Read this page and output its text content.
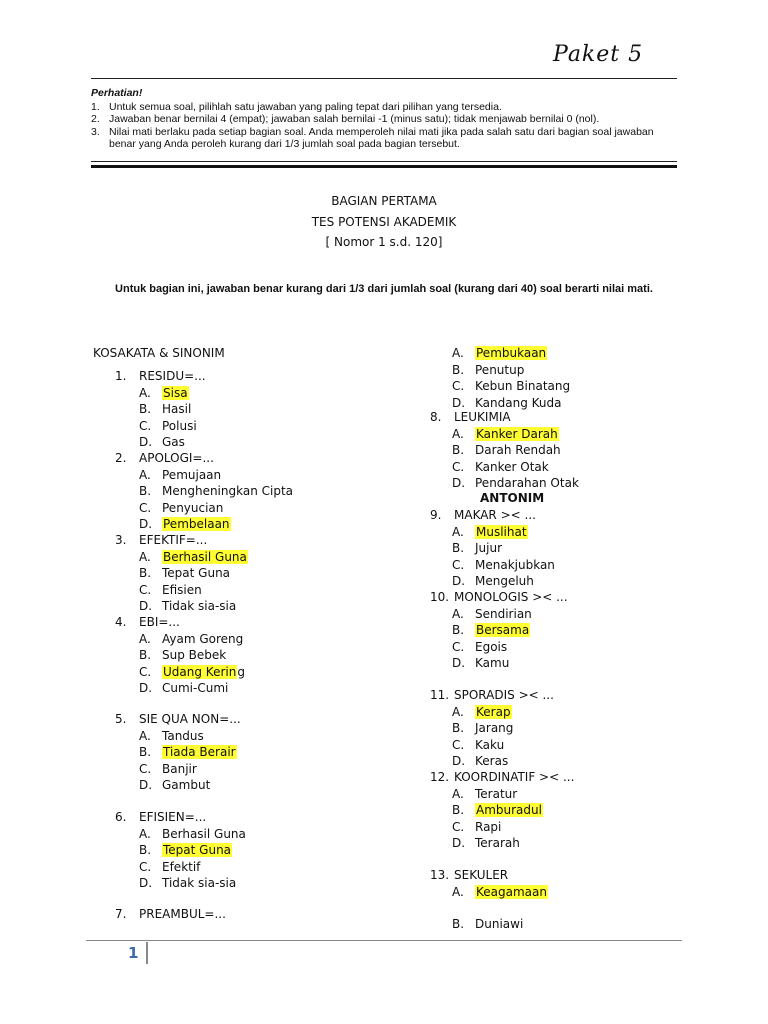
Paket 5
Perhatian!
1. Untuk semua soal, pilihlah satu jawaban yang paling tepat dari pilihan yang tersedia.
2. Jawaban benar bernilai 4 (empat); jawaban salah bernilai -1 (minus satu); tidak menjawab bernilai 0 (nol).
3. Nilai mati berlaku pada setiap bagian soal. Anda memperoleh nilai mati jika pada salah satu dari bagian soal jawaban benar yang Anda peroleh kurang dari 1/3 jumlah soal pada bagian tersebut.
BAGIAN PERTAMA
TES POTENSI AKADEMIK
[ Nomor 1 s.d. 120]
Untuk bagian ini, jawaban benar kurang dari 1/3 dari jumlah soal (kurang dari 40) soal berarti nilai mati.
KOSAKATA & SINONIM
1. RESIDU=...
A. Sisa
B. Hasil
C. Polusi
D. Gas
2. APOLOGI=...
A. Pemujaan
B. Mengheningkan Cipta
C. Penyucian
D. Pembelaan
3. EFEKTIF=...
A. Berhasil Guna
B. Tepat Guna
C. Efisien
D. Tidak sia-sia
4. EBI=...
A. Ayam Goreng
B. Sup Bebek
C. Udang Kering
D. Cumi-Cumi
5. SIE QUA NON=...
A. Tandus
B. Tiada Berair
C. Banjir
D. Gambut
6. EFISIEN=...
A. Berhasil Guna
B. Tepat Guna
C. Efektif
D. Tidak sia-sia
7. PREAMBUL=...
A. Pembukaan
B. Penutup
C. Kebun Binatang
D. Kandang Kuda
8. LEUKIMIA
A. Kanker Darah
B. Darah Rendah
C. Kanker Otak
D. Pendarahan Otak
ANTONIM
9. MAKAR >< ...
A. Muslihat
B. Jujur
C. Menakjubkan
D. Mengeluh
10. MONOLOGIS >< ...
A. Sendirian
B. Bersama
C. Egois
D. Kamu
11. SPORADIS >< ...
A. Kerap
B. Jarang
C. Kaku
D. Keras
12. KOORDINATIF >< ...
A. Teratur
B. Amburadul
C. Rapi
D. Terarah
13. SEKULER
A. Keagamaan
B. Duniawi
1
